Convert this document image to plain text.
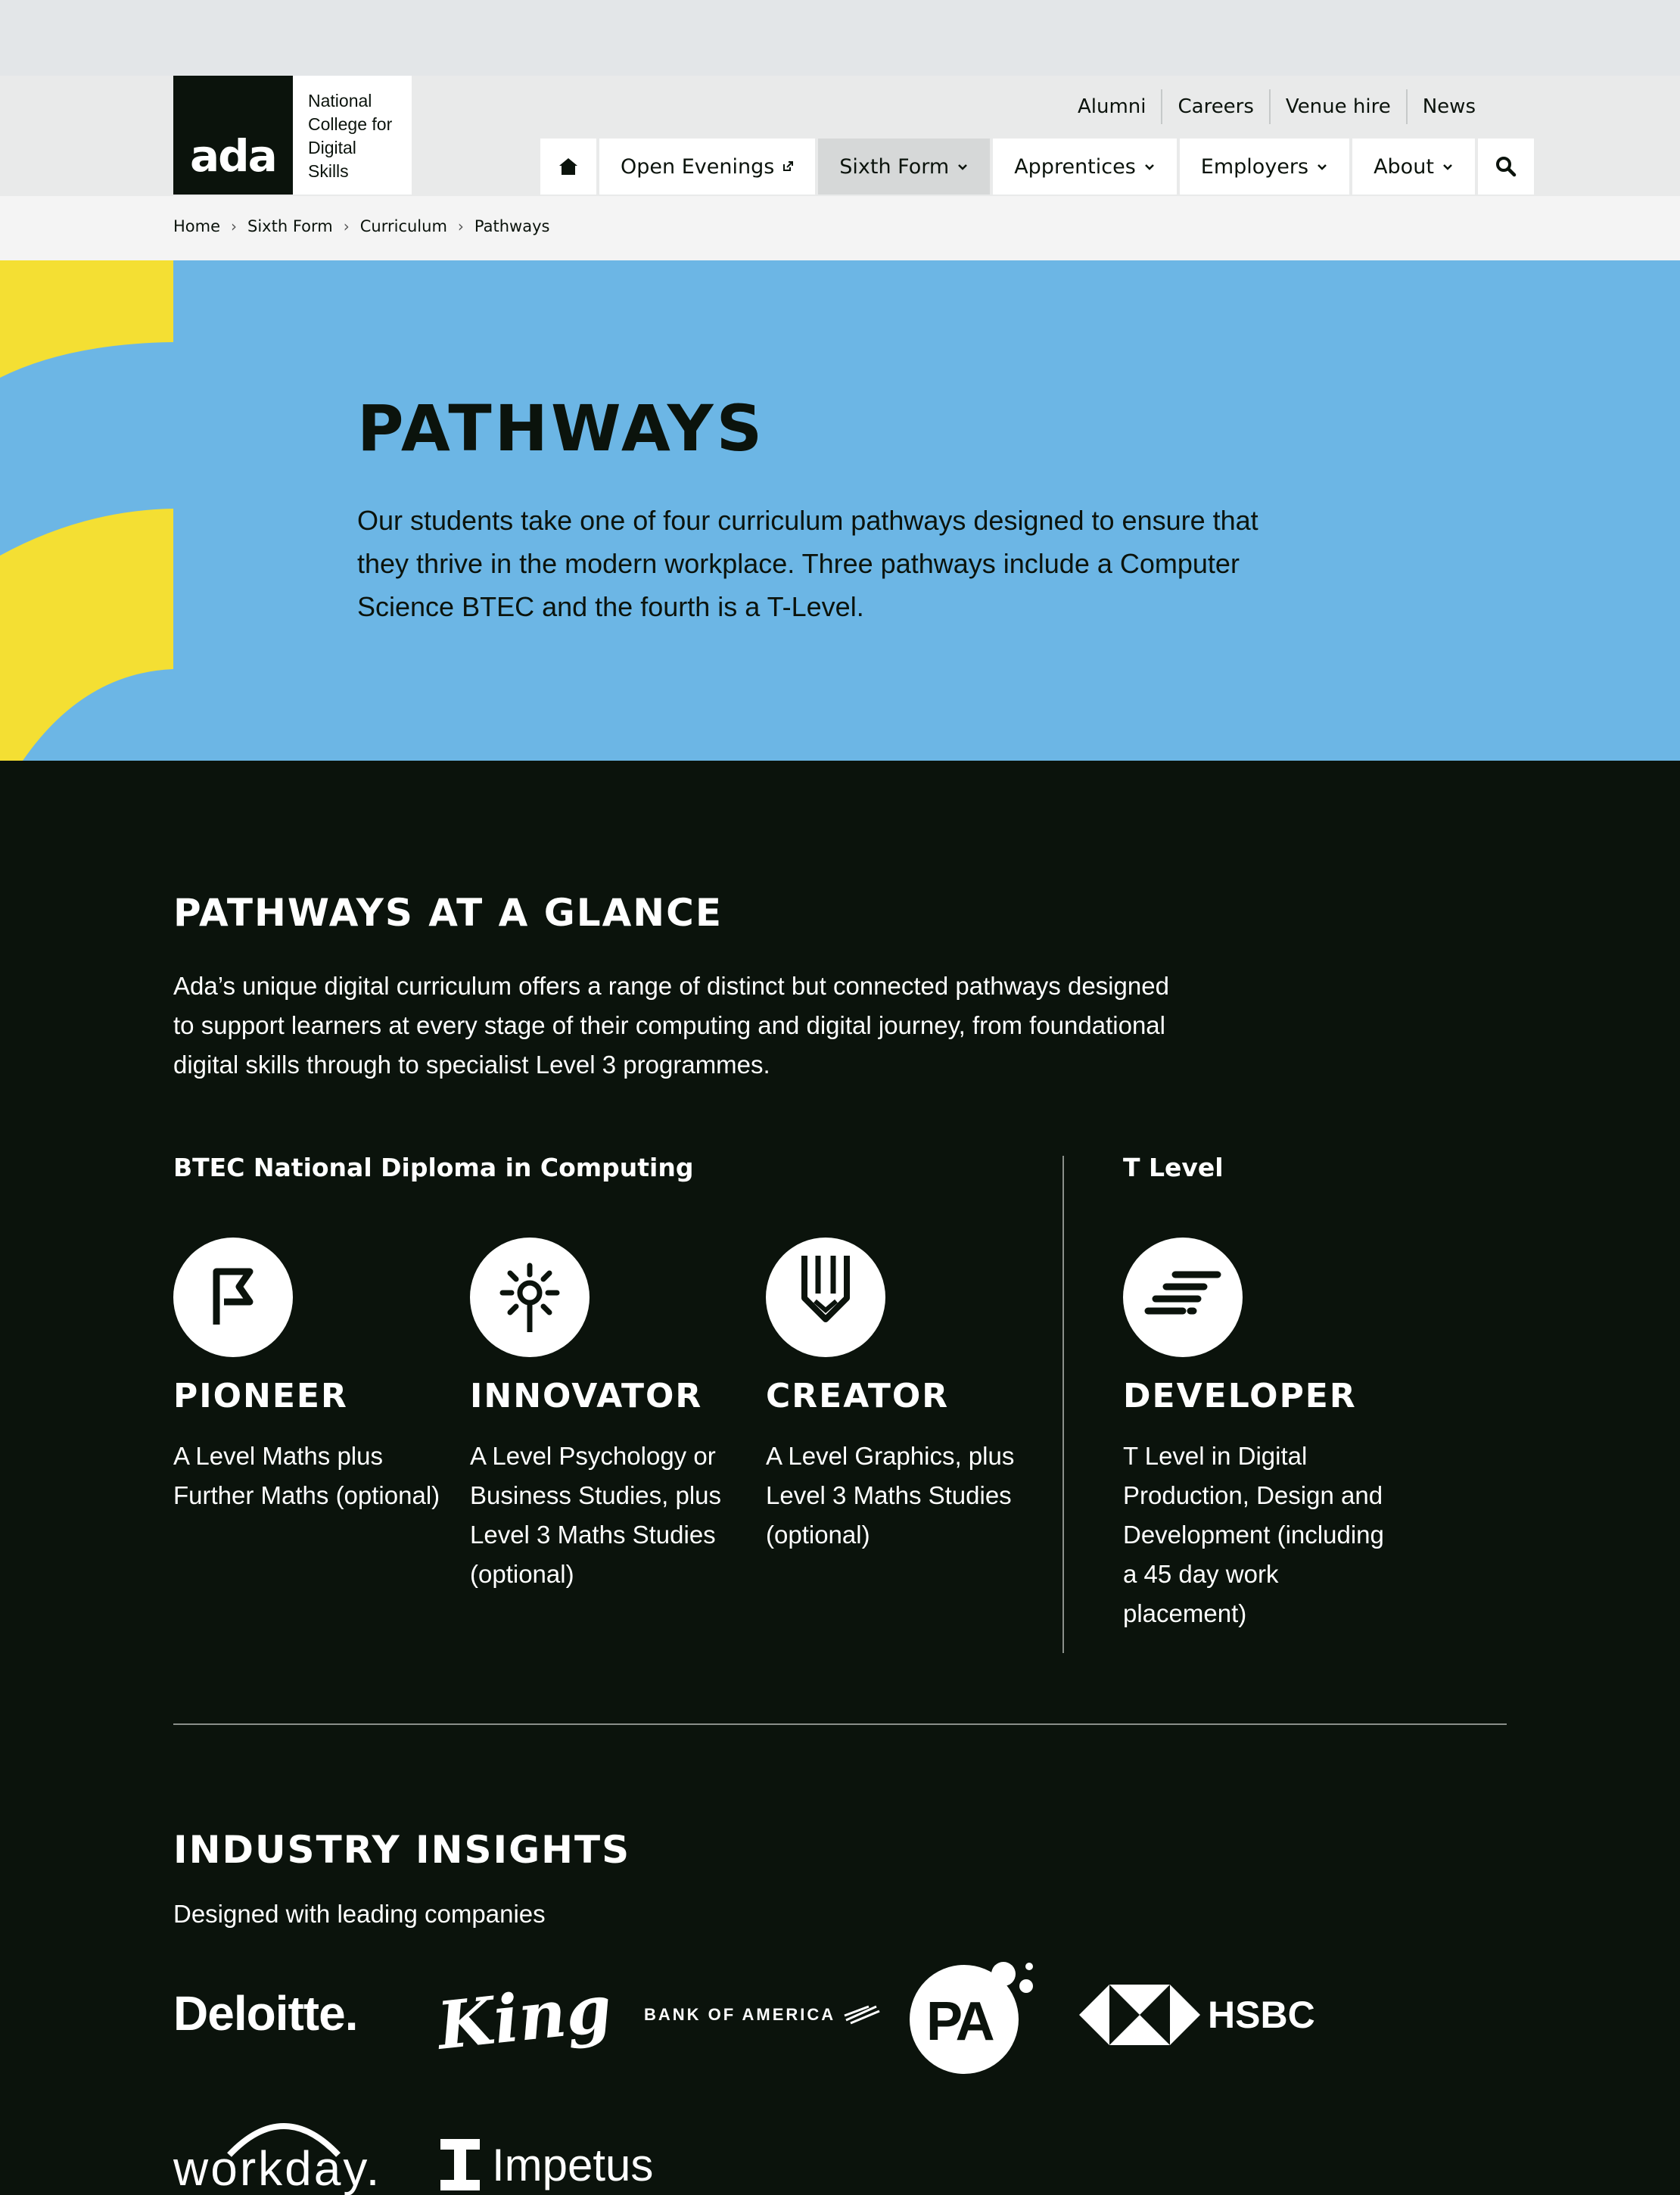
ada
National
College for
Digital
Skills
Alumni	Careers	Venue hire	News
Open Evenings	Sixth Form	Apprentices	Employers	About
Home › Sixth Form › Curriculum › Pathways
PATHWAYS

Our students take one of four curriculum pathways designed to ensure that they thrive in the modern workplace. Three pathways include a Computer Science BTEC and the fourth is a T-Level.

PATHWAYS AT A GLANCE

Ada’s unique digital curriculum offers a range of distinct but connected pathways designed to support learners at every stage of their computing and digital journey, from foundational digital skills through to specialist Level 3 programmes.

BTEC National Diploma in Computing	T Level
PIONEER

A Level Maths plus Further Maths (optional)

INNOVATOR

A Level Psychology or Business Studies, plus Level 3 Maths Studies (optional)

CREATOR

A Level Graphics, plus Level 3 Maths Studies (optional)

DEVELOPER

T Level in Digital Production, Design and Development (including a 45 day work placement)

INDUSTRY INSIGHTS

Designed with leading companies

Deloitte. King BANK OF AMERICA PA	HSBC
workday. Impetus
